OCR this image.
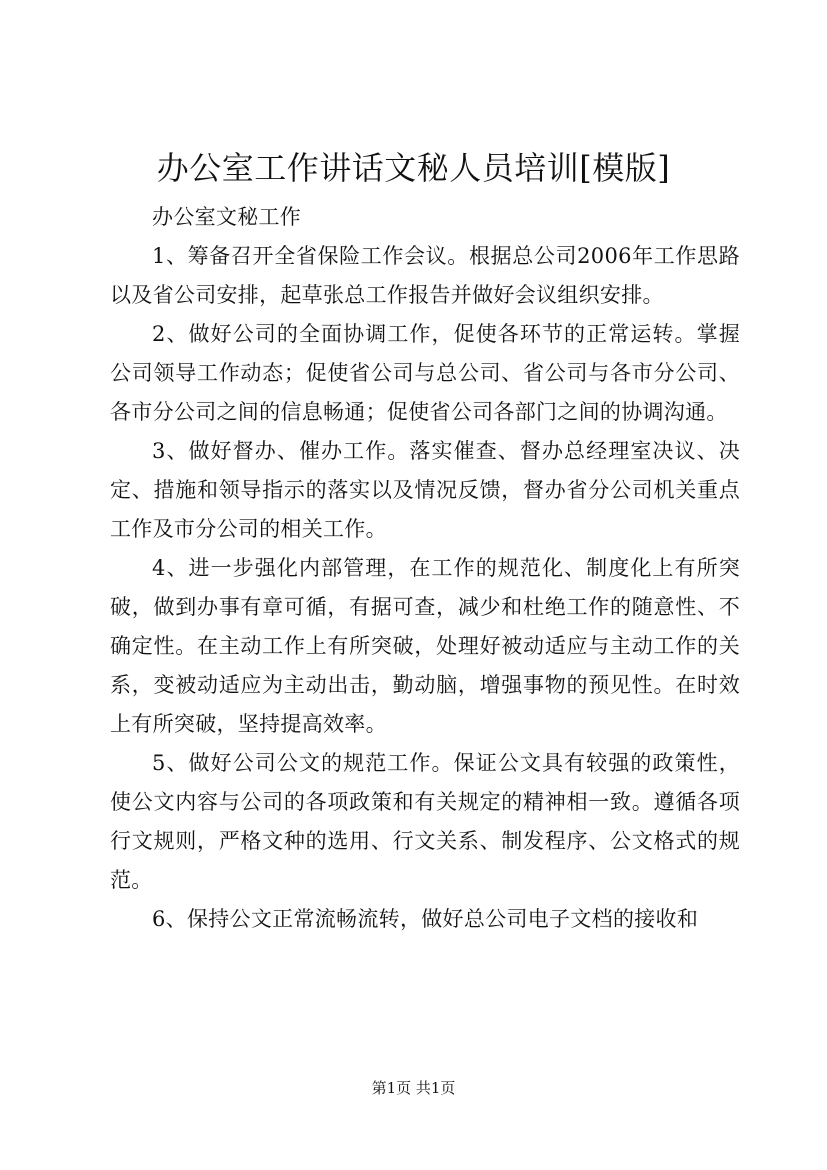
办公室工作讲话文秘人员培训[模版]

办公室文秘工作

1、筹备召开全省保险工作会议。根据总公司2006年工作思路以及省公司安排，起草张总工作报告并做好会议组织安排。

2、做好公司的全面协调工作，促使各环节的正常运转。掌握公司领导工作动态；促使省公司与总公司、省公司与各市分公司、各市分公司之间的信息畅通；促使省公司各部门之间的协调沟通。

3、做好督办、催办工作。落实催查、督办总经理室决议、决定、措施和领导指示的落实以及情况反馈，督办省分公司机关重点工作及市分公司的相关工作。

4、进一步强化内部管理，在工作的规范化、制度化上有所突破，做到办事有章可循，有据可查，减少和杜绝工作的随意性、不确定性。在主动工作上有所突破，处理好被动适应与主动工作的关系，变被动适应为主动出击，勤动脑，增强事物的预见性。在时效上有所突破，坚持提高效率。

5、做好公司公文的规范工作。保证公文具有较强的政策性，使公文内容与公司的各项政策和有关规定的精神相一致。遵循各项行文规则，严格文种的选用、行文关系、制发程序、公文格式的规范。

6、保持公文正常流畅流转，做好总公司电子文档的接收和

第1页 共1页
